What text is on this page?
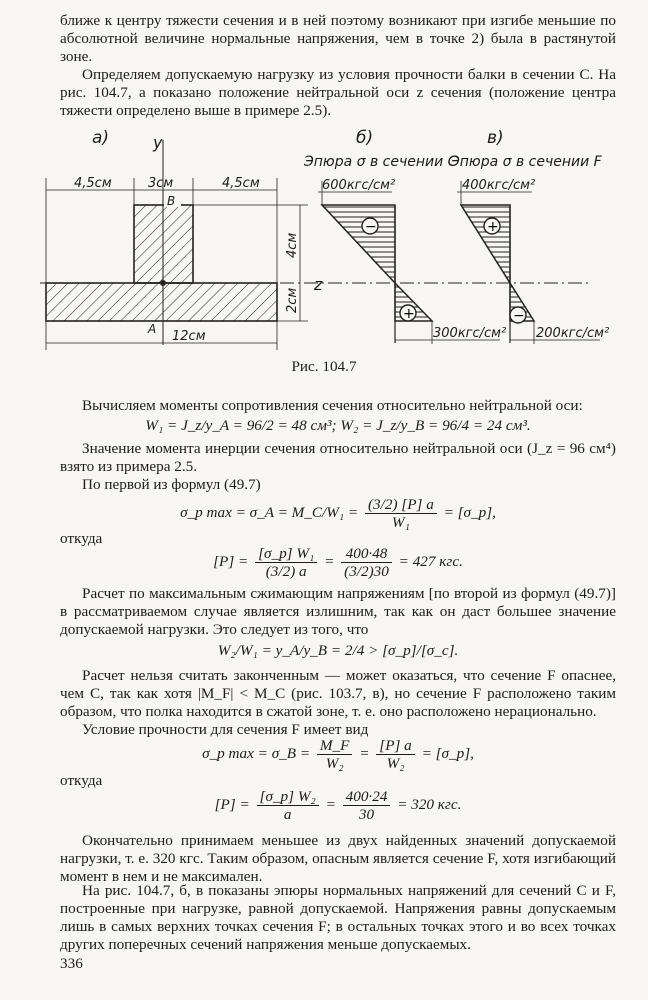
ближе к центру тяжести сечения и в ней поэтому возникают при изгибе меньшие по абсолютной величине нормальные напряжения, чем в точке 2) была в растянутой зоне.

Определяем допускаемую нагрузку из условия прочности балки в сечении C. На рис. 104.7, а показано положение нейтральной оси z сечения (положение центра тяжести определено выше в примере 2.5).

а)	б)	в)
y
B
A
4,5см	3см	4,5см
4см
2см
12см
z
Эпюра σ в сечении C
600кгс/см²
−
+
300кгс/см²
Эпюра σ в сечении F
400кгс/см²
+
−
200кгс/см²
Рис. 104.7

Вычисляем моменты сопротивления сечения относительно нейтральной оси:

W₁ = J_z/y_A = 96/2 = 48 см³; W₂ = J_z/y_B = 96/4 = 24 см³.

Значение момента инерции сечения относительно нейтральной оси (J_z = 96 см⁴) взято из примера 2.5.

По первой из формул (49.7)

σ_p max = σ_A = M_C/W₁ = $\frac{(3/2) [P] a}{\text{W₁}}$ = [σ_p],

откуда

$[P] = \frac{\text{[σ\_p] W₁}}{(3/2) a} = \frac{400\cdot 48}{(3/2)30} = 427$ кгс.

Расчет по максимальным сжимающим напряжениям [по второй из формул (49.7)] в рассматриваемом случае является излишним, так как он даст большее значение допускаемой нагрузки. Это следует из того, что

W₂/W₁ = y_A/y_B = 2/4 > [σ_p]/[σ_c].

Расчет нельзя считать законченным — может оказаться, что сечение F опаснее, чем C, так как хотя |M_F| < M_C (рис. 103.7, в), но сечение F расположено таким образом, что полка находится в сжатой зоне, т. е. оно расположено нерационально.

Условие прочности для сечения F имеет вид

σ_p max = σ_B = $\frac{M\_F}{\text{W₂}} = \frac{[P] a}{\text{W₂}}$ = [σ_p],

откуда

$[P] = \frac{\text{[σ\_p] W₂}}{a} = \frac{400\cdot 24}{30} = 320$ кгс.

Окончательно принимаем меньшее из двух найденных значений допускаемой нагрузки, т. е. 320 кгс. Таким образом, опасным является сечение F, хотя изгибающий момент в нем и не максимален.

На рис. 104.7, б, в показаны эпюры нормальных напряжений для сечений C и F, построенные при нагрузке, равной допускаемой. Напряжения равны допускаемым лишь в самых верхних точках сечения F; в остальных точках этого и во всех точках других поперечных сечений напряжения меньше допускаемых.

336
